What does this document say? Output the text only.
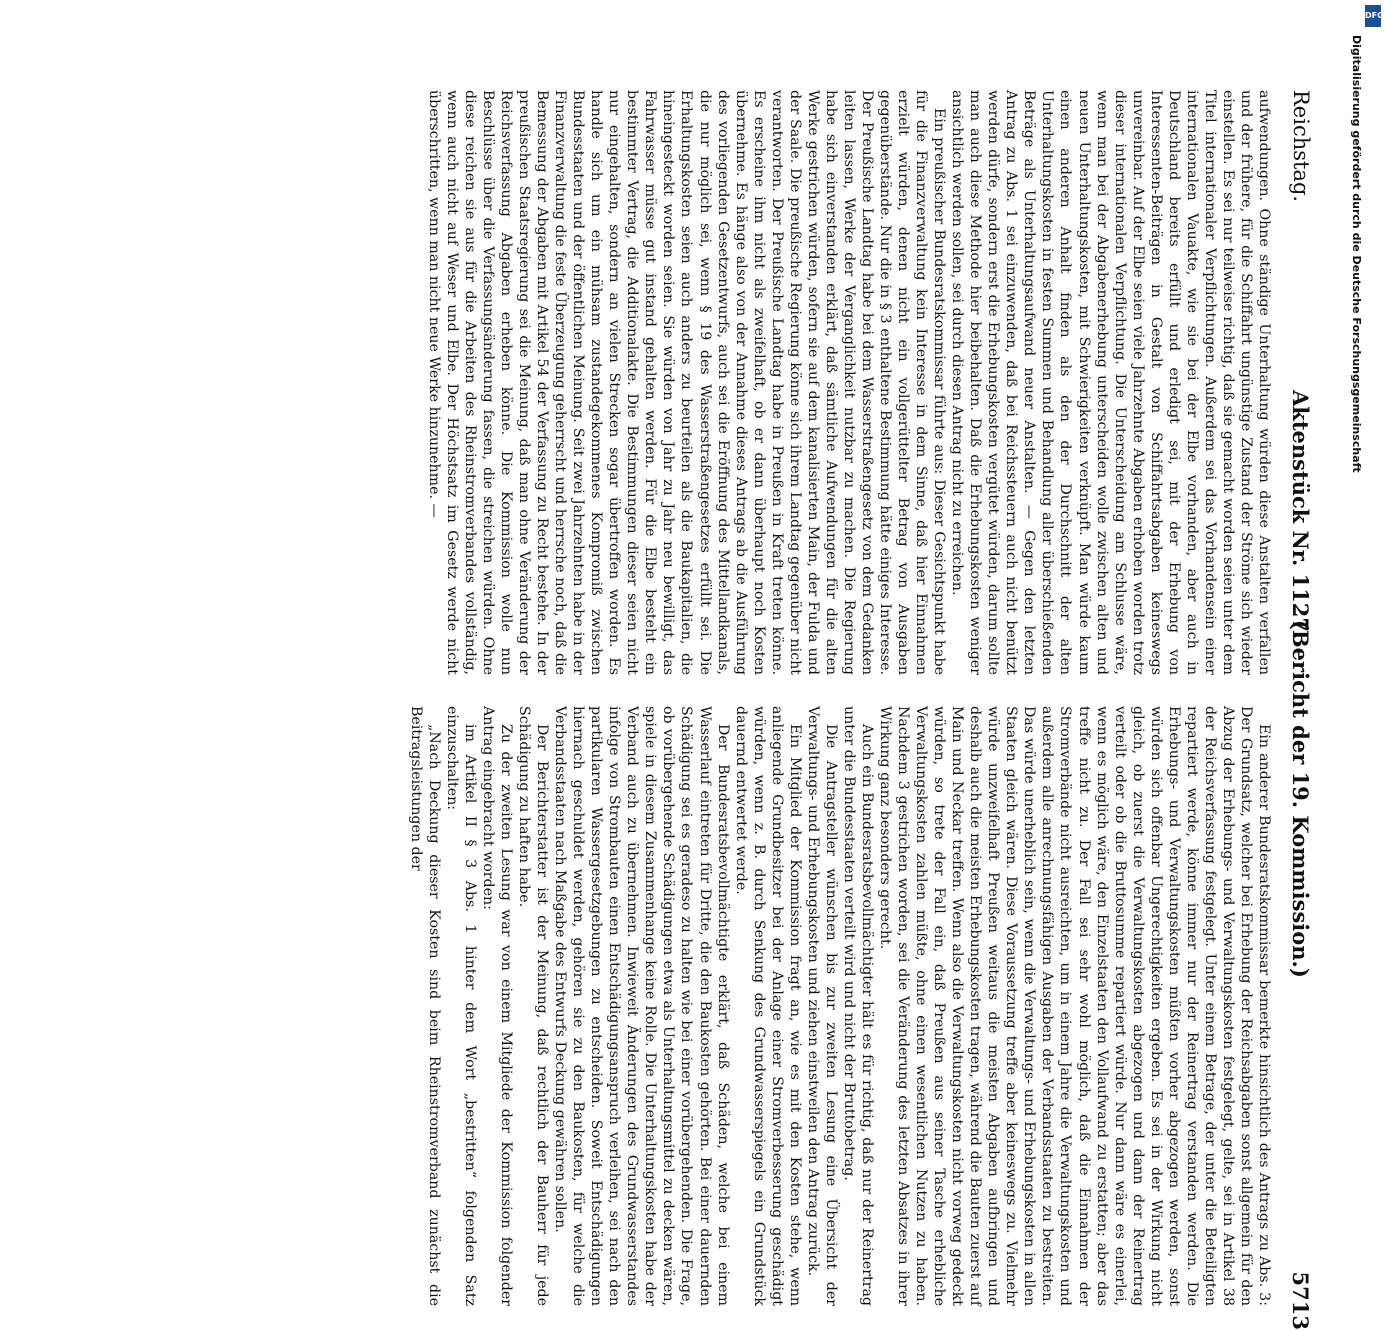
Reichstag.
Aktenstück Nr. 1127.
(Bericht der 19. Kommission.)
5713

aufwendungen. Ohne ständige Unterhaltung würden diese Anstalten verfallen und der frühere, für die Schiffahrt ungünstige Zustand der Ströme sich wieder einstellen. Es sei nur teilweise richtig, daß sie gemacht worden seien unter dem Titel internationaler Verpflichtungen. Außerdem sei das Vorhandensein einer internationalen Vauakte, wie sie bei der Elbe vorhanden, aber auch in Deutschland bereits erfüllt und erledigt sei, mit der Erhebung von Interessenten-Beiträgen in Gestalt von Schiffahrtsabgaben keineswegs unvereinbar. Auf der Elbe seien viele Jahrzehnte Abgaben erhoben worden trotz dieser internationalen Verpflichtung. Die Unterscheidung am Schlusse wäre, wenn man bei der Abgabenerhebung unterscheiden wolle zwischen alten und neuen Unterhaltungskosten, mit Schwierigkeiten verknüpft. Man würde kaum einen anderen Anhalt finden als den der Durchschnitt der alten Unterhaltungskosten in festen Summen und Behandlung aller überschießenden Beträge als Unterhaltungsaufwand neuer Anstalten. — Gegen den letzten Antrag zu Abs. 1 sei einzuwenden, daß bei Reichssteuern auch nicht benützt werden dürfe, sondern erst die Erhebungskosten vergütet würden, darum sollte man auch diese Methode hier beibehalten. Daß die Erhebungskosten weniger ansichtlich werden sollen, sei durch diesen Antrag nicht zu erreichen.

Ein preußischer Bundesratskommissar führte aus: Dieser Gesichtspunkt habe für die Finanzverwaltung kein Interesse in dem Sinne, daß hier Einnahmen erzielt würden, denen nicht ein vollgerüttelter Betrag von Ausgaben gegenüberstände. Nur die in § 3 enthaltene Bestimmung hätte einiges Interesse. Der Preußische Landtag habe bei dem Wasserstraßengesetz von dem Gedanken leiten lassen, Werke der Verganglichkeit nutzbar zu machen. Die Regierung habe sich einverstanden erklärt, daß sämtliche Aufwendungen für die alten Werke gestrichen würden, sofern sie auf dem kanalisierten Main, der Fulda und der Saale. Die preußische Regierung könne sich ihrem Landtag gegenüber nicht verantworten. Der Preußische Landtag habe in Preußen in Kraft treten könne. Es erscheine ihm nicht als zweifelhaft, ob er dann überhaupt noch Kosten übernehme. Es hänge also von der Annahme dieses Antrags ab die Ausführung des vorliegenden Gesetzentwurfs, auch sei die Eröffnung des Mittellandkanals, die nur möglich sei, wenn § 19 des Wasserstraßengesetzes erfüllt sei. Die Erhaltungskosten seien auch anders zu beurteilen als die Baukapitalien, die hineingesteckt worden seien. Sie würden von Jahr zu Jahr neu bewilligt, das Fahrwasser müsse gut instand gehalten werden. Für die Elbe besteht ein bestimmter Vertrag, die Additionalakte. Die Bestimmungen dieser seien nicht nur eingehalten, sondern an vielen Strecken sogar übertroffen worden. Es handle sich um ein mühsam zustandegekommenes Kompromiß zwischen Bundesstaaten und der öffentlichen Meinung. Seit zwei Jahrzehnten habe in der Finanzverwaltung die feste Überzeugung geherrscht und herrsche noch, daß die Bemessung der Abgaben mit Artikel 54 der Verfassung zu Recht bestehe. In der preußischen Staatsregierung sei die Meinung, daß man ohne Veränderung der Reichsverfassung Abgaben erheben könne. Die Kommission wolle nun Beschlüsse über die Verfassungsänderung fassen, die streichen würden. Ohne diese reichen sie aus für die Arbeiten des Rheinstromverbandes vollständig, wenn auch nicht auf Weser und Elbe. Der Höchstsatz im Gesetz werde nicht überschritten, wenn man nicht neue Werke hinzunehme. —

Ein anderer Bundesratskommissar bemerkte hinsichtlich des Antrags zu Abs. 3: Der Grundsatz, welcher bei Erhebung der Reichsabgaben sonst allgemein für den Abzug der Erhebungs- und Verwaltungskosten festgelegt, gelte, sei in Artikel 38 der Reichsverfassung festgelegt. Unter einem Betrage, der unter die Beteiligten repartiert werde, könne immer nur der Reinertrag verstanden werden. Die Erhebungs- und Verwaltungskosten müßten vorher abgezogen werden, sonst würden sich offenbar Ungerechtigkeiten ergeben. Es sei in der Wirkung nicht gleich, ob zuerst die Verwaltungskosten abgezogen und dann der Reinertrag verteilt oder ob die Bruttosumme repartiert würde. Nur dann wäre es einerlei, wenn es möglich wäre, den Einzelstaaten den Vollaufwand zu erstatten; aber das treffe nicht zu. Der Fall sei sehr wohl möglich, daß die Einnahmen der Stromverbände nicht ausreichten, um in einem Jahre die Verwaltungskosten und außerdem alle anrechnungsfähigen Ausgaben der Verbandsstaaten zu bestreiten. Das würde unerheblich sein, wenn die Verwaltungs- und Erhebungskosten in allen Staaten gleich wären. Diese Voraussetzung treffe aber keineswegs zu. Vielmehr würde unzweifelhaft Preußen weitaus die meisten Abgaben aufbringen und deshalb auch die meisten Erhebungskosten tragen, während die Bauten zuerst auf Main und Neckar treffen. Wenn also die Verwaltungskosten nicht vorweg gedeckt würden, so trete der Fall ein, daß Preußen aus seiner Tasche erhebliche Verwaltungskosten zahlen müßte, ohne einen wesentlichen Nutzen zu haben. Nachdem 3 gestrichen worden, sei die Veränderung des letzten Absatzes in ihrer Wirkung ganz besonders gerecht.

Auch ein Bundesratsbevollmächtigter hält es für richtig, daß nur der Reinertrag unter die Bundesstaaten verteilt wird und nicht der Bruttobetrag.

Die Antragsteller wünschen bis zur zweiten Lesung eine Übersicht der Verwaltungs- und Erhebungskosten und ziehen einstweilen den Antrag zurück.

Ein Mitglied der Kommission fragt an, wie es mit den Kosten stehe, wenn anliegende Grundbesitzer bei der Anlage einer Stromverbesserung geschädigt würden, wenn z. B. durch Senkung des Grundwasserspiegels ein Grundstück dauernd entwertet werde.

Der Bundesratsbevollmächtigte erklärt, daß Schäden, welche bei einem Wasserlauf eintreten für Dritte, die den Baukosten gehörten. Bei einer dauernden Schädigung sei es geradeso zu halten wie bei einer vorübergehenden. Die Frage, ob vorübergehende Schädigungen etwa als Unterhaltungsmittel zu decken wären, spiele in diesem Zusammenhange keine Rolle. Die Unterhaltungskosten habe der Verband auch zu übernehmen. Inwieweit Änderungen des Grundwasserstandes infolge von Strombauten einen Entschädigungsanspruch verleihen, sei nach den partikularen Wassergesetzgebungen zu entscheiden. Soweit Entschädigungen hiernach geschuldet werden, gehören sie zu den Baukosten, für welche die Verbandsstaaten nach Maßgabe des Entwurfs Deckung gewähren sollen.

Der Berichterstatter ist der Meinung, daß rechtlich der Bauherr für jede Schädigung zu haften habe.

Zu der zweiten Lesung war von einem Mitgliede der Kommission folgender Antrag eingebracht worden:

im Artikel II § 3 Abs. 1 hinter dem Wort „bestritten“ folgenden Satz einzuschalten:

„Nach Deckung dieser Kosten sind beim Rheinstromverband zunächst die Beitragsleistungen der

DFG
Digitalisierung gefördert durch die Deutsche Forschungsgemeinschaft
